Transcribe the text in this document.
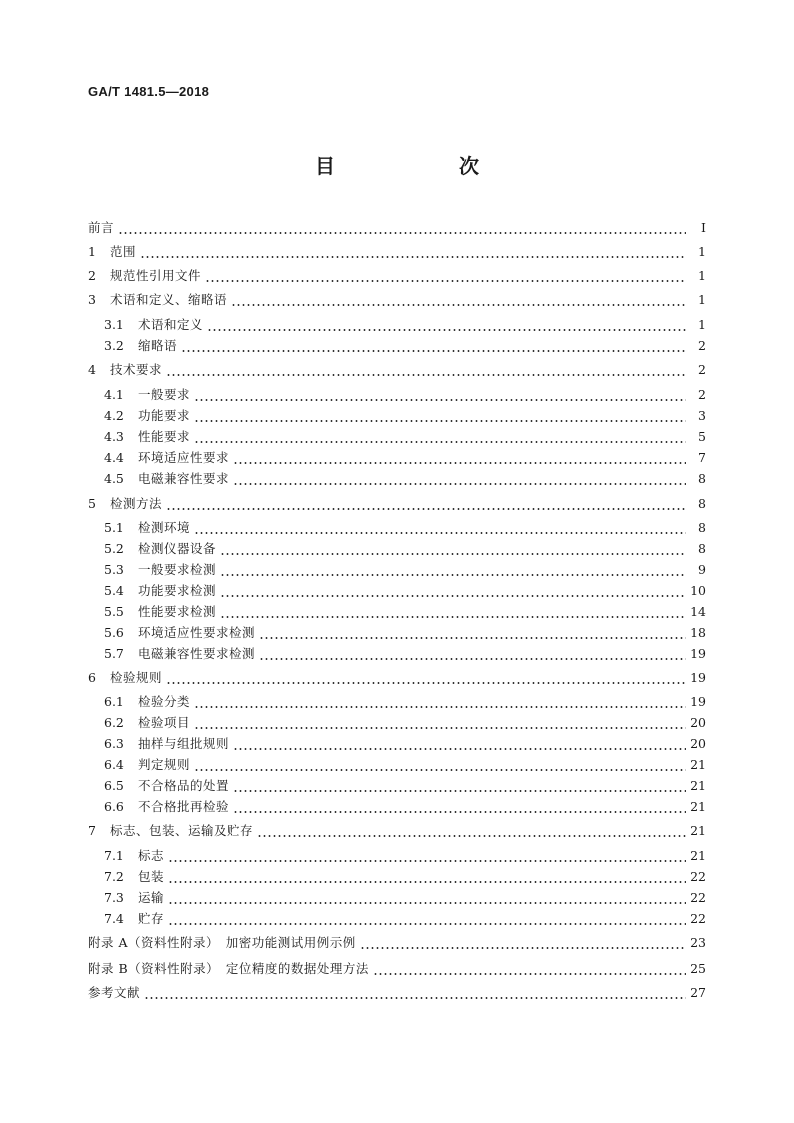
GA/T 1481.5—2018
目　　次
前言	Ⅰ
1	范围	1
2	规范性引用文件	1
3	术语和定义、缩略语	1
3.1	术语和定义	1
3.2	缩略语	2
4	技术要求	2
4.1	一般要求	2
4.2	功能要求	3
4.3	性能要求	5
4.4	环境适应性要求	7
4.5	电磁兼容性要求	8
5	检测方法	8
5.1	检测环境	8
5.2	检测仪器设备	8
5.3	一般要求检测	9
5.4	功能要求检测	10
5.5	性能要求检测	14
5.6	环境适应性要求检测	18
5.7	电磁兼容性要求检测	19
6	检验规则	19
6.1	检验分类	19
6.2	检验项目	20
6.3	抽样与组批规则	20
6.4	判定规则	21
6.5	不合格品的处置	21
6.6	不合格批再检验	21
7	标志、包装、运输及贮存	21
7.1	标志	21
7.2	包装	22
7.3	运输	22
7.4	贮存	22
附录 A（资料性附录）　加密功能测试用例示例	23
附录 B（资料性附录）　定位精度的数据处理方法	25
参考文献	27
